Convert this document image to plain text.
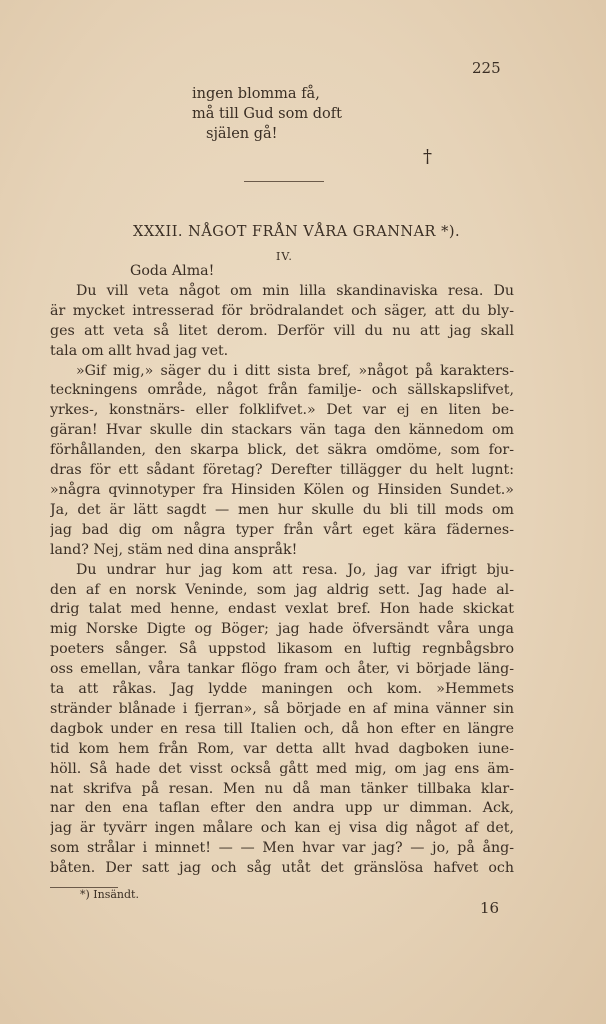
225
ingen blomma få,
må till Gud som doft
själen gå!
†
XXXII. NÅGOT FRÅN VÅRA GRANNAR *).
IV.
Goda Alma!
Du vill veta något om min lilla skandinaviska resa. Du
är mycket intresserad för brödralandet och säger, att du bly-
ges att veta så litet derom. Derför vill du nu att jag skall
tala om allt hvad jag vet.
»Gif mig,» säger du i ditt sista bref, »något på karakters-
teckningens område, något från familje- och sällskapslifvet,
yrkes-, konstnärs- eller folklifvet.» Det var ej en liten be-
gäran! Hvar skulle din stackars vän taga den kännedom om
förhållanden, den skarpa blick, det säkra omdöme, som for-
dras för ett sådant företag? Derefter tillägger du helt lugnt:
»några qvinnotyper fra Hinsiden Kölen og Hinsiden Sundet.»
Ja, det är lätt sagdt — men hur skulle du bli till mods om
jag bad dig om några typer från vårt eget kära fädernes-
land? Nej, stäm ned dina anspråk!
Du undrar hur jag kom att resa. Jo, jag var ifrigt bju-
den af en norsk Veninde, som jag aldrig sett. Jag hade al-
drig talat med henne, endast vexlat bref. Hon hade skickat
mig Norske Digte og Böger; jag hade öfversändt våra unga
poeters sånger. Så uppstod likasom en luftig regnbågsbro
oss emellan, våra tankar flögo fram och åter, vi började läng-
ta att råkas. Jag lydde maningen och kom. »Hemmets
stränder blånade i fjerran», så började en af mina vänner sin
dagbok under en resa till Italien och, då hon efter en längre
tid kom hem från Rom, var detta allt hvad dagboken iune-
höll. Så hade det visst också gått med mig, om jag ens äm-
nat skrifva på resan. Men nu då man tänker tillbaka klar-
nar den ena taflan efter den andra upp ur dimman. Ack,
jag är tyvärr ingen målare och kan ej visa dig något af det,
som strålar i minnet! — — Men hvar var jag? — jo, på ång-
båten. Der satt jag och såg utåt det gränslösa hafvet och
*) Insändt.
16
